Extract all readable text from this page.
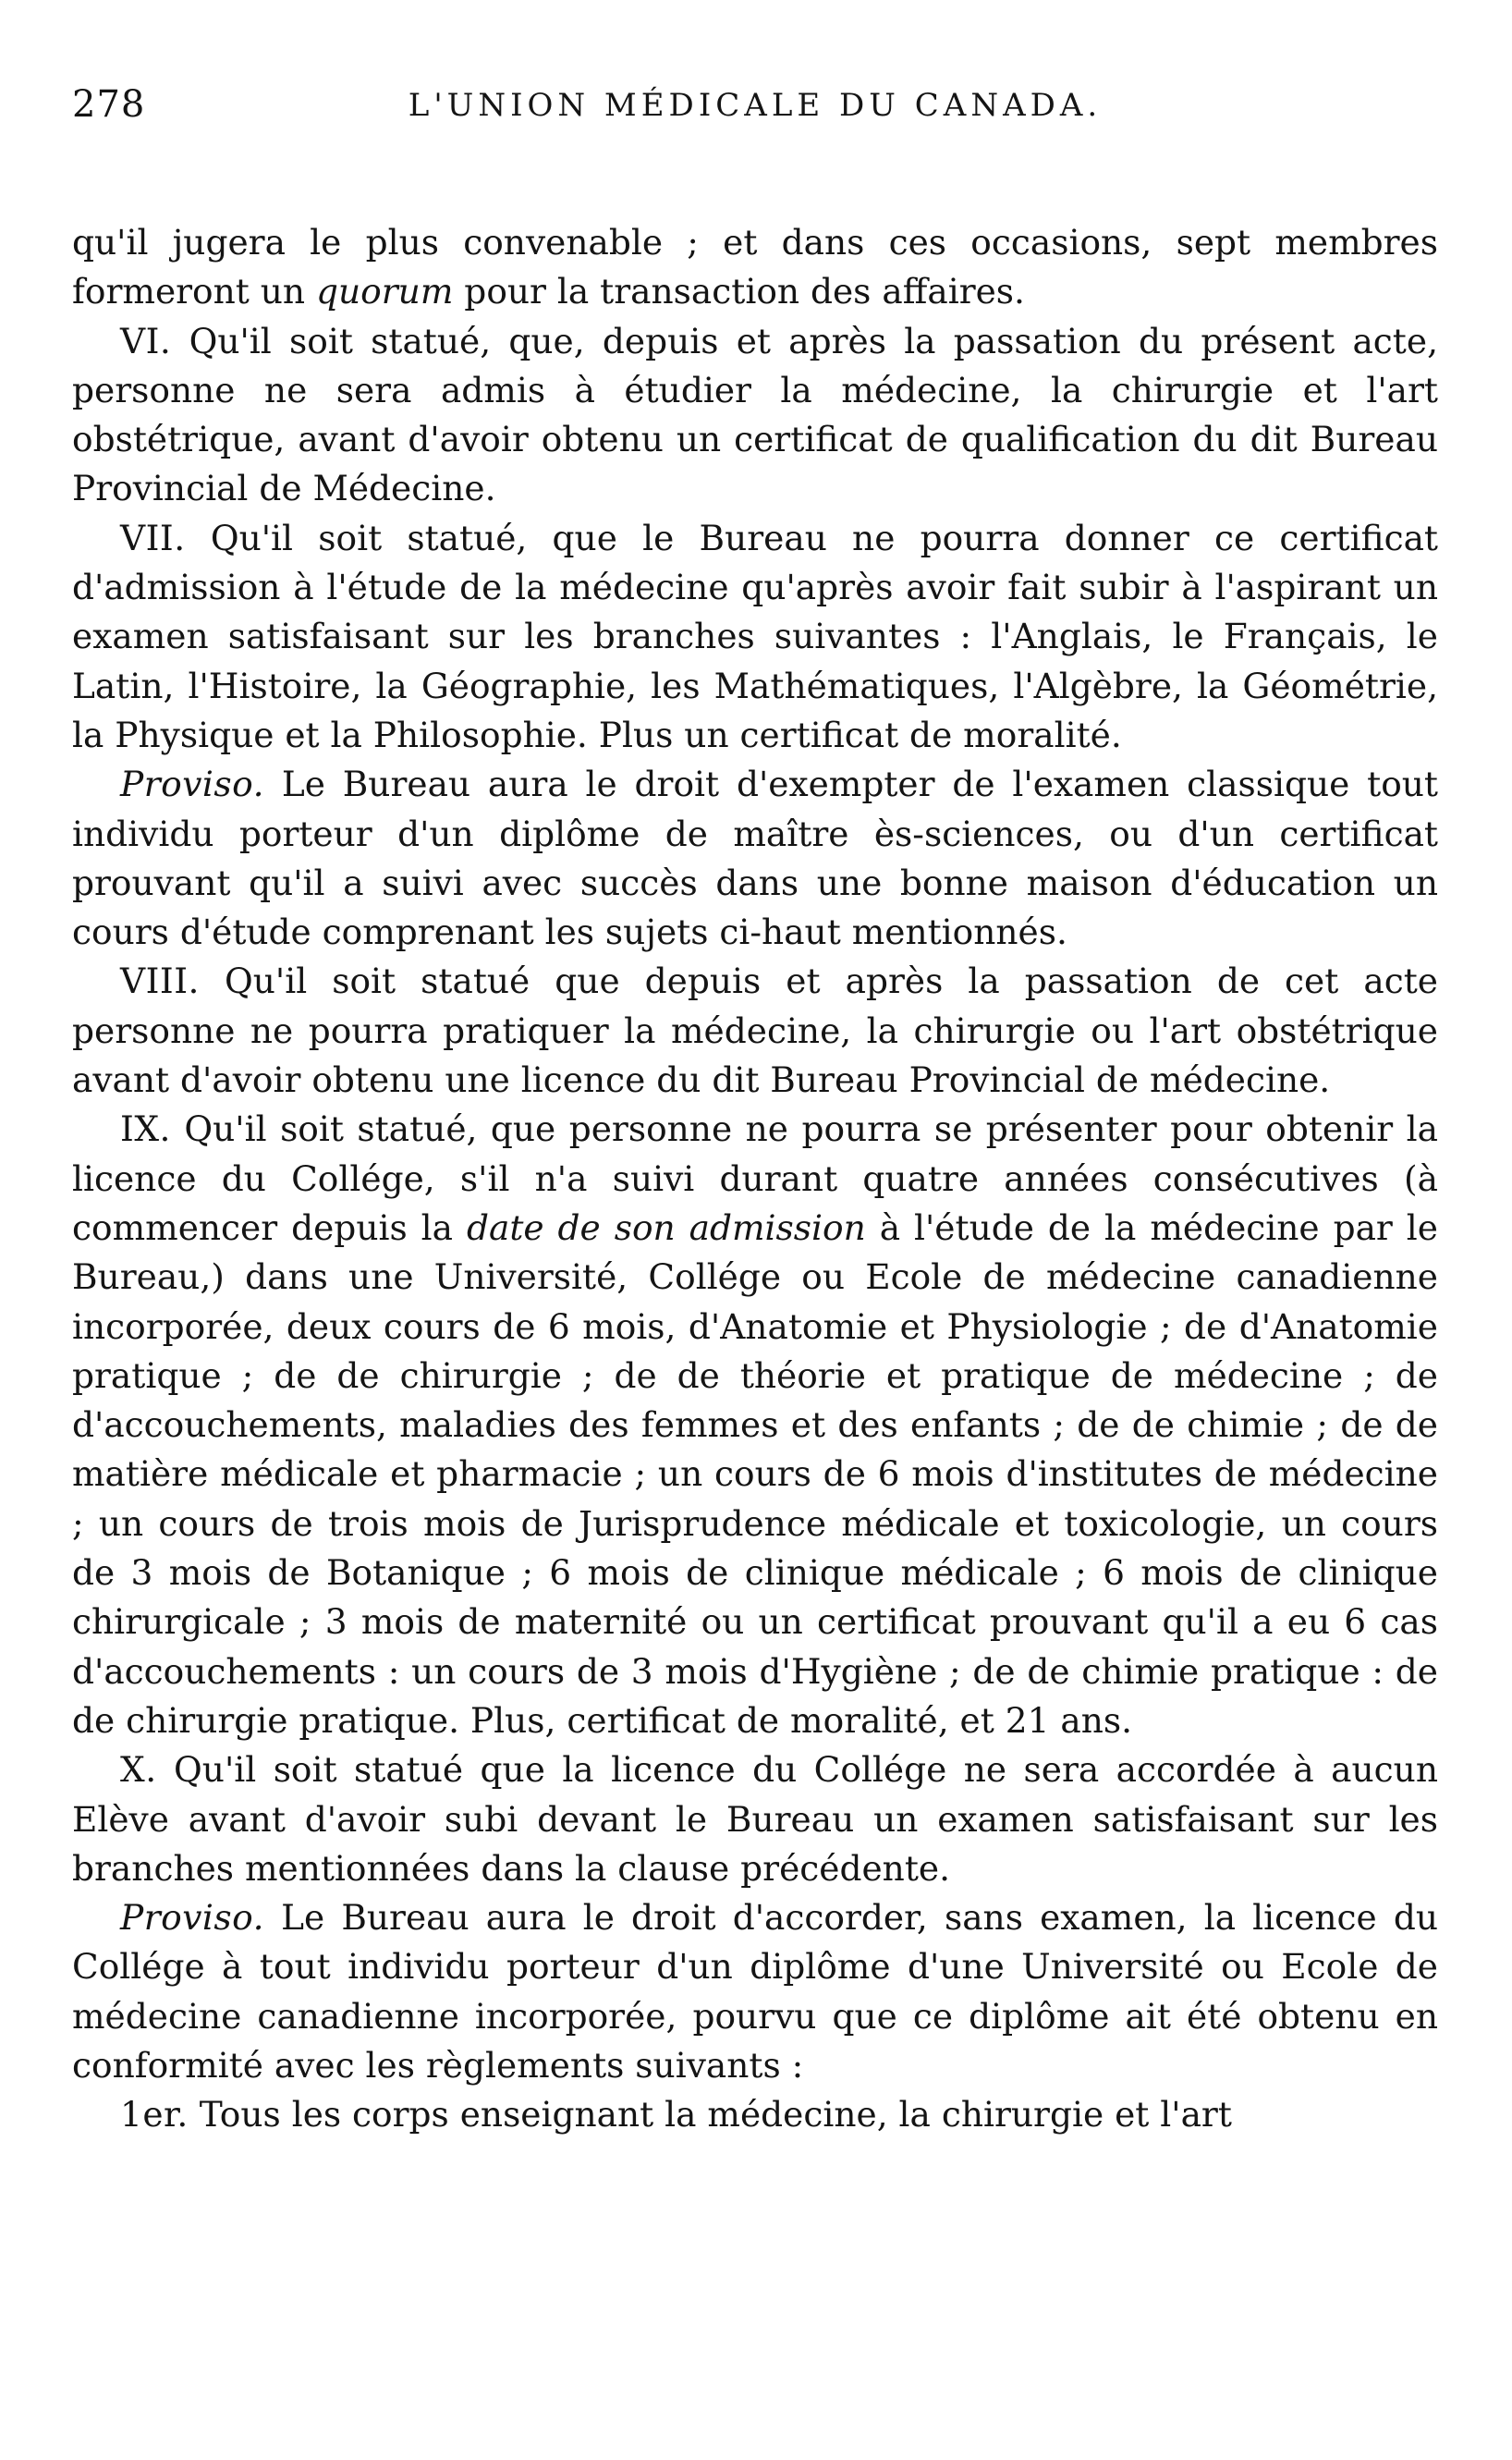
278	L'UNION MÉDICALE DU CANADA.

qu'il jugera le plus convenable ; et dans ces occasions, sept membres formeront un quorum pour la transaction des affaires.

VI. Qu'il soit statué, que, depuis et après la passation du présent acte, personne ne sera admis à étudier la médecine, la chirurgie et l'art obstétrique, avant d'avoir obtenu un certificat de qualification du dit Bureau Provincial de Médecine.

VII. Qu'il soit statué, que le Bureau ne pourra donner ce certificat d'admission à l'étude de la médecine qu'après avoir fait subir à l'aspirant un examen satisfaisant sur les branches suivantes : l'Anglais, le Français, le Latin, l'Histoire, la Géographie, les Mathématiques, l'Algèbre, la Géométrie, la Physique et la Philosophie. Plus un certificat de moralité.

Proviso. Le Bureau aura le droit d'exempter de l'examen classique tout individu porteur d'un diplôme de maître ès-sciences, ou d'un certificat prouvant qu'il a suivi avec succès dans une bonne maison d'éducation un cours d'étude comprenant les sujets ci-haut mentionnés.

VIII. Qu'il soit statué que depuis et après la passation de cet acte personne ne pourra pratiquer la médecine, la chirurgie ou l'art obstétrique avant d'avoir obtenu une licence du dit Bureau Provincial de médecine.

IX. Qu'il soit statué, que personne ne pourra se présenter pour obtenir la licence du Collége, s'il n'a suivi durant quatre années consécutives (à commencer depuis la date de son admission à l'étude de la médecine par le Bureau,) dans une Université, Collége ou Ecole de médecine canadienne incorporée, deux cours de 6 mois, d'Anatomie et Physiologie ; de d'Anatomie pratique ; de de chirurgie ; de de théorie et pratique de médecine ; de d'accouchements, maladies des femmes et des enfants ; de de chimie ; de de matière médicale et pharmacie ; un cours de 6 mois d'institutes de médecine ; un cours de trois mois de Jurisprudence médicale et toxicologie, un cours de 3 mois de Botanique ; 6 mois de clinique médicale ; 6 mois de clinique chirurgicale ; 3 mois de maternité ou un certificat prouvant qu'il a eu 6 cas d'accouchements : un cours de 3 mois d'Hygiène ; de de chimie pratique : de de chirurgie pratique. Plus, certificat de moralité, et 21 ans.

X. Qu'il soit statué que la licence du Collége ne sera accordée à aucun Elève avant d'avoir subi devant le Bureau un examen satisfaisant sur les branches mentionnées dans la clause précédente.

Proviso. Le Bureau aura le droit d'accorder, sans examen, la licence du Collége à tout individu porteur d'un diplôme d'une Université ou Ecole de médecine canadienne incorporée, pourvu que ce diplôme ait été obtenu en conformité avec les règlements suivants :

1er. Tous les corps enseignant la médecine, la chirurgie et l'art
